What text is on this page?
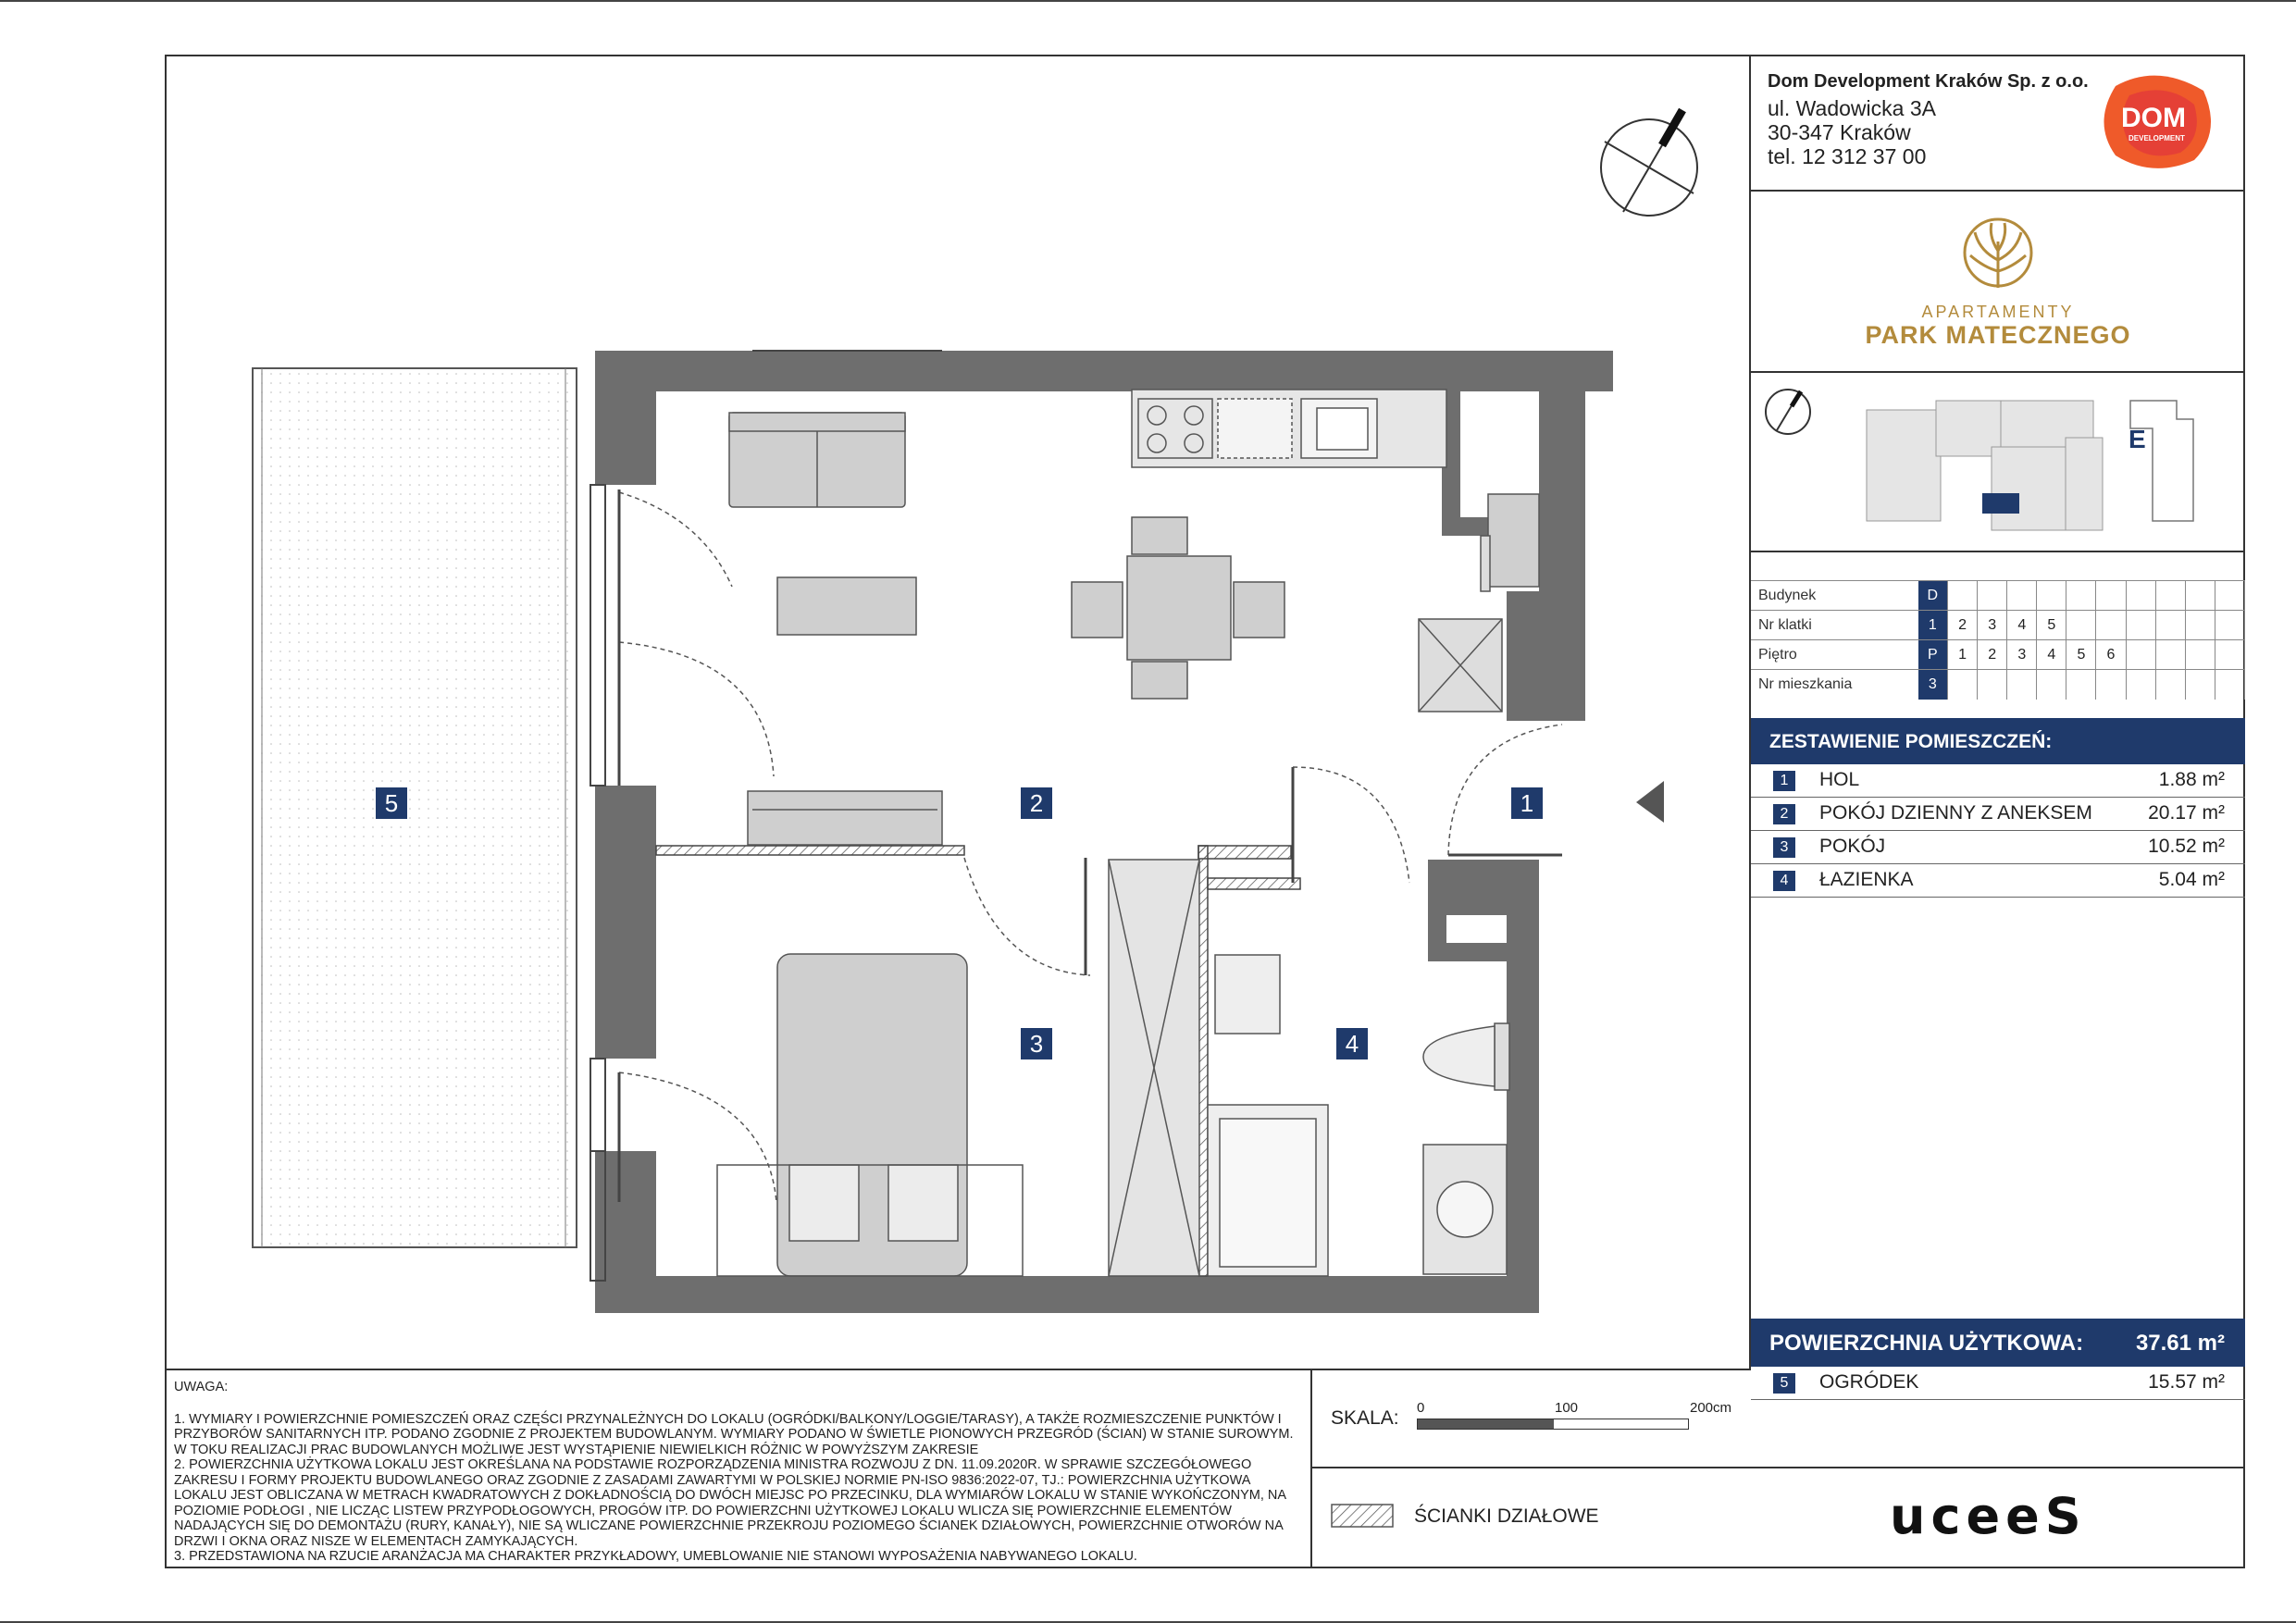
1
2
3	4
5
UWAGA:

1. WYMIARY I POWIERZCHNIE POMIESZCZEŃ ORAZ CZĘŚCI PRZYNALEŻNYCH DO LOKALU (OGRÓDKI/BALKONY/LOGGIE/TARASY), A TAKŻE ROZMIESZCZENIE PUNKTÓW I PRZYBORÓW SANITARNYCH ITP. PODANO ZGODNIE Z PROJEKTEM BUDOWLANYM. WYMIARY PODANO W ŚWIETLE PIONOWYCH PRZEGRÓD (ŚCIAN) W STANIE SUROWYM. W TOKU REALIZACJI PRAC BUDOWLANYCH MOŻLIWE JEST WYSTĄPIENIE NIEWIELKICH RÓŻNIC W POWYŻSZYM ZAKRESIE

2. POWIERZCHNIA UŻYTKOWA LOKALU JEST OKREŚLANA NA PODSTAWIE ROZPORZĄDZENIA MINISTRA ROZWOJU Z DN. 11.09.2020R. W SPRAWIE SZCZEGÓŁOWEGO ZAKRESU I FORMY PROJEKTU BUDOWLANEGO ORAZ ZGODNIE Z ZASADAMI ZAWARTYMI W POLSKIEJ NORMIE PN-ISO 9836:2022-07, TJ.: POWIERZCHNIA UŻYTKOWA LOKALU JEST OBLICZANA W METRACH KWADRATOWYCH Z DOKŁADNOŚCIĄ DO DWÓCH MIEJSC PO PRZECINKU, DLA WYMIARÓW LOKALU W STANIE WYKOŃCZONYM, NA POZIOMIE PODŁOGI , NIE LICZĄC LISTEW PRZYPODŁOGOWYCH, PROGÓW ITP. DO POWIERZCHNI UŻYTKOWEJ LOKALU WLICZA SIĘ POWIERZCHNIE ELEMENTÓW NADAJĄCYCH SIĘ DO DEMONTAŻU (RURY, KANAŁY), NIE SĄ WLICZANE POWIERZCHNIE PRZEKROJU POZIOMEGO ŚCIANEK DZIAŁOWYCH, POWIERZCHNIE OTWORÓW NA DRZWI I OKNA ORAZ NISZE W ELEMENTACH ZAMYKAJĄCYCH.

3. PRZEDSTAWIONA NA RZUCIE ARANŻACJA MA CHARAKTER PRZYKŁADOWY, UMEBLOWANIE NIE STANOWI WYPOSAŻENIA NABYWANEGO LOKALU.

SKALA: 0	100	200cm
ŚCIANKI DZIAŁOWE
Dom Development Kraków Sp. z o.o.
ul. Wadowicka 3A
30-347 Kraków
tel. 12 312 37 00
DOM
DEVELOPMENT
APARTAMENTY
PARK MATECZNEGO
E
Budynek	D										
Nr klatki	1	2	3	4	5						
Piętro	P	1	2	3	4	5	6				
Nr mieszkania	3										
ZESTAWIENIE POMIESZCZEŃ:
1	HOL	1.88 m²
2	POKÓJ DZIENNY Z ANEKSEM	20.17 m²
3	POKÓJ	10.52 m²
4	ŁAZIENKA	5.04 m²
POWIERZCHNIA UŻYTKOWA: 37.61 m²
5	OGRÓDEK	15.57 m²
uceeS
